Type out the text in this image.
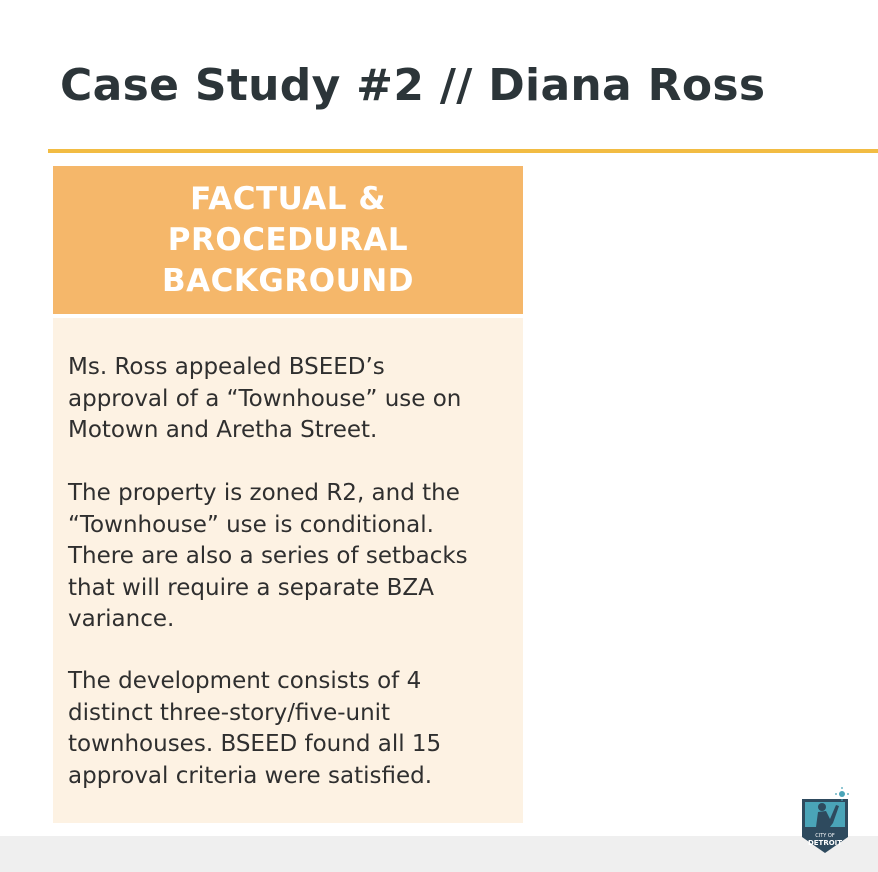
Case Study #2 // Diana Ross
FACTUAL &
PROCEDURAL
BACKGROUND

Ms. Ross appealed BSEED’s
approval of a “Townhouse” use on
Motown and Aretha Street.

The property is zoned R2, and the
“Townhouse” use is conditional.
There are also a series of setbacks
that will require a separate BZA
variance.

The development consists of 4
distinct three-story/five-unit
townhouses. BSEED found all 15
approval criteria were satisfied.

CITY OF
DETROIT
